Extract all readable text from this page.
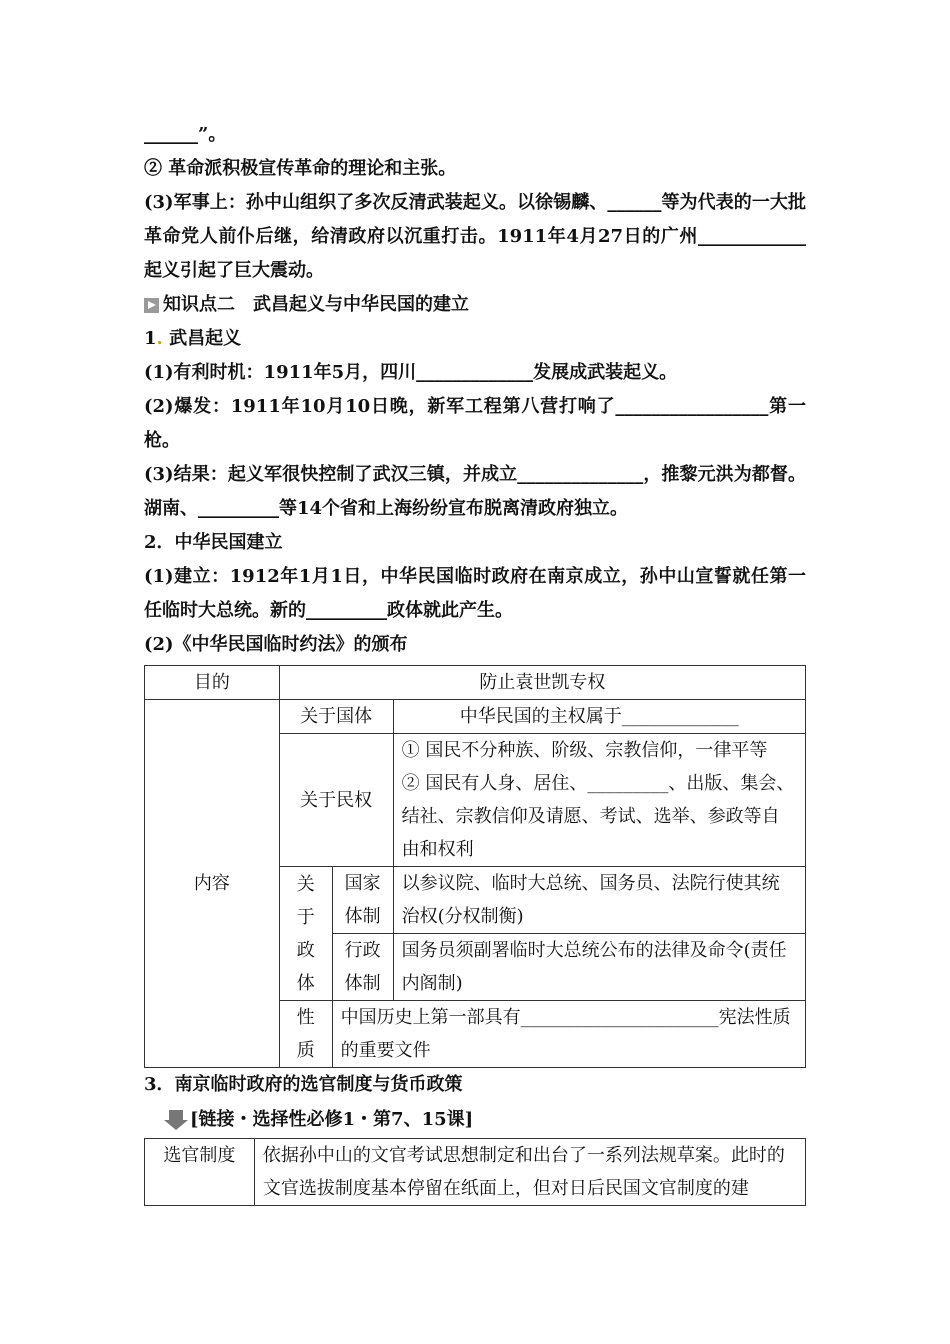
______”。

② 革命派积极宣传革命的理论和主张。

(3)军事上：孙中山组织了多次反清武装起义。以徐锡麟、______等为代表的一大批革命党人前仆后继，给清政府以沉重打击。1911年4月27日的广州____________起义引起了巨大震动。

知识点二　武昌起义与中华民国的建立

1. 武昌起义

(1)有利时机：1911年5月，四川_____________发展成武装起义。

(2)爆发：1911年10月10日晚，新军工程第八营打响了_________________第一枪。

(3)结果：起义军很快控制了武汉三镇，并成立______________，推黎元洪为都督。湖南、_________等14个省和上海纷纷宣布脱离清政府独立。

2．中华民国建立

(1)建立：1912年1月1日，中华民国临时政府在南京成立，孙中山宣誓就任第一任临时大总统。新的_________政体就此产生。

(2)《中华民国临时约法》的颁布

目的	防止袁世凯专权		
内容	关于国体		中华民国的主权属于_____________
	关于民权		① 国民不分种族、阶级、宗教信仰，一律平等
② 国民有人身、居住、_________、出版、集会、结社、宗教信仰及请愿、考试、选举、参政等自由和权利

	关于政体	国家体制	以参议院、临时大总统、国务员、法院行使其统治权(分权制衡)
		行政体制	国务员须副署临时大总统公布的法律及命令(责任内阁制)
	性质	中国历史上第一部具有______________________宪法性质的重要文件	

3．南京临时政府的选官制度与货币政策

[链接・选择性必修1・第7、15课]

选官制度	依据孙中山的文官考试思想制定和出台了一系列法规草案。此时的文官选拔制度基本停留在纸面上，但对日后民国文官制度的建
